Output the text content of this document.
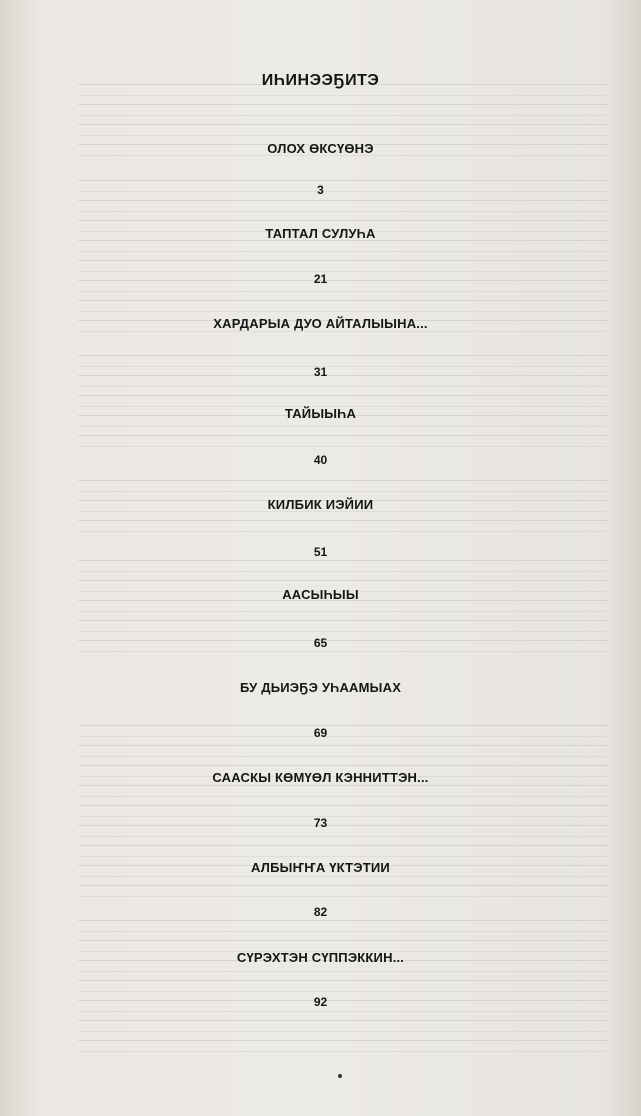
ИҺИНЭЭҔИТЭ
ОЛОХ ӨКСҮӨНЭ
3
ТАПТАЛ СУЛУҺА
21
ХАРДАРЫА ДУО АЙТАЛЫЫНА...
31
ТАЙЫЫҺА
40
КИЛБИК ИЭЙИИ
51
ААСЫҺЫЫ
65
БУ ДЬИЭҔЭ УҺААМЫАХ
69
СААСКЫ КӨМҮӨЛ КЭННИТТЭН...
73
АЛБЫҤҤА ҮКТЭТИИ
82
СҮРЭХТЭН СҮППЭККИН...
92
